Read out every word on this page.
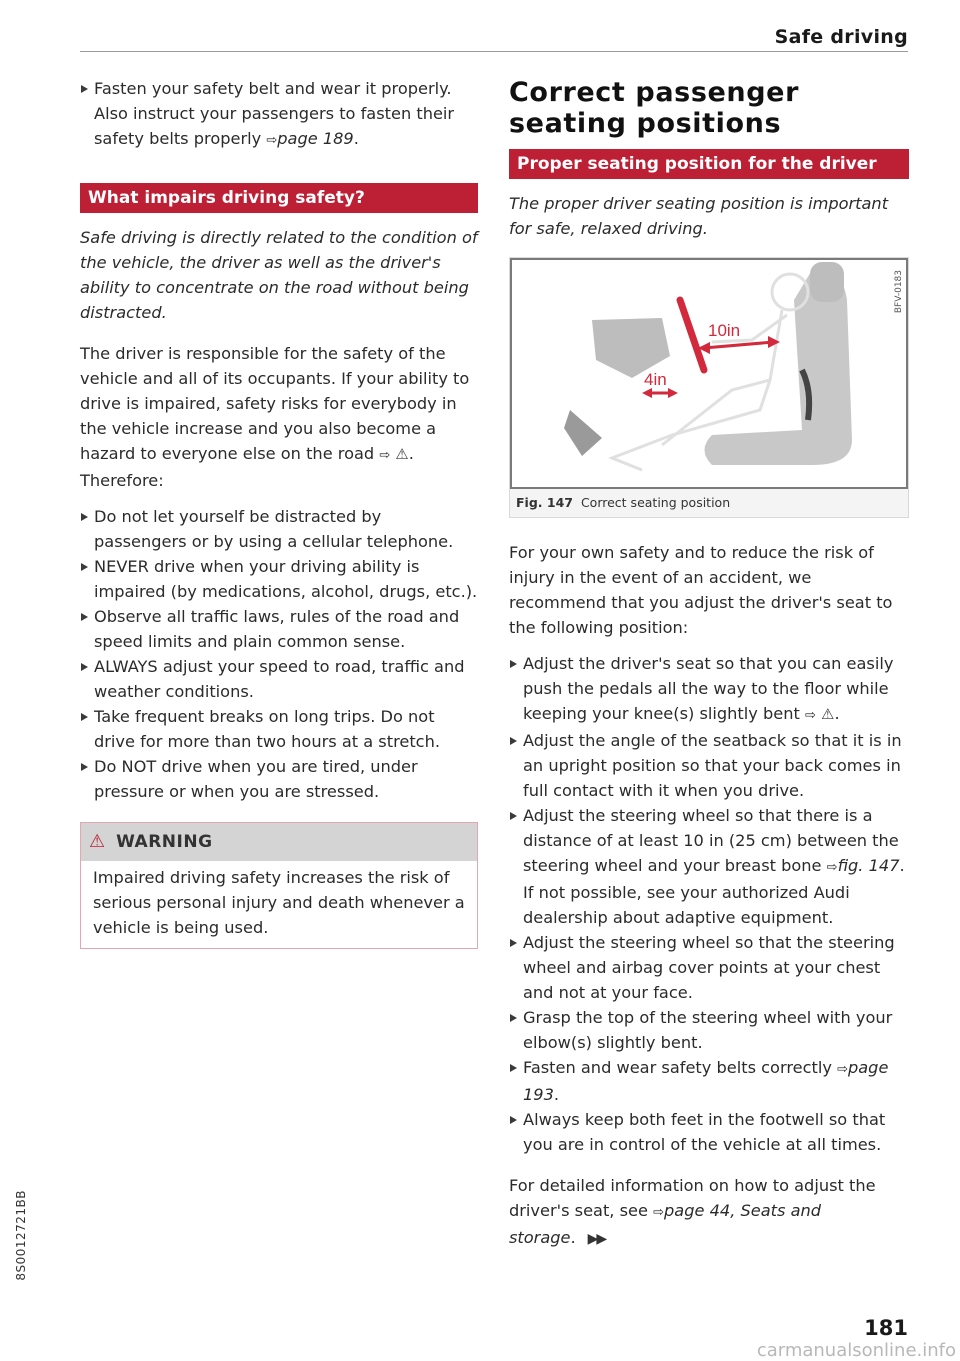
Safe driving
Fasten your safety belt and wear it properly. Also instruct your passengers to fasten their safety belts properly ⇨page 189.
What impairs driving safety?

Safe driving is directly related to the condition of the vehicle, the driver as well as the driver's ability to concentrate on the road without being distracted.

The driver is responsible for the safety of the vehicle and all of its occupants. If your ability to drive is impaired, safety risks for everybody in the vehicle increase and you also become a hazard to everyone else on the road ⇨ ⚠. Therefore:

Do not let yourself be distracted by passengers or by using a cellular telephone.
NEVER drive when your driving ability is impaired (by medications, alcohol, drugs, etc.).
Observe all traffic laws, rules of the road and speed limits and plain common sense.
ALWAYS adjust your speed to road, traffic and weather conditions.
Take frequent breaks on long trips. Do not drive for more than two hours at a stretch.
Do NOT drive when you are tired, under pressure or when you are stressed.
⚠ WARNING
Impaired driving safety increases the risk of serious personal injury and death whenever a vehicle is being used.
Correct passenger seating positions
Proper seating position for the driver

The proper driver seating position is important for safe, relaxed driving.

10in
4in
BFV-0183
Fig. 147 Correct seating position

For your own safety and to reduce the risk of injury in the event of an accident, we recommend that you adjust the driver's seat to the following position:

Adjust the driver's seat so that you can easily push the pedals all the way to the floor while keeping your knee(s) slightly bent ⇨ ⚠.
Adjust the angle of the seatback so that it is in an upright position so that your back comes in full contact with it when you drive.
Adjust the steering wheel so that there is a distance of at least 10 in (25 cm) between the steering wheel and your breast bone ⇨fig. 147. If not possible, see your authorized Audi dealership about adaptive equipment.
Adjust the steering wheel so that the steering wheel and airbag cover points at your chest and not at your face.
Grasp the top of the steering wheel with your elbow(s) slightly bent.
Fasten and wear safety belts correctly ⇨page 193.
Always keep both feet in the footwell so that you are in control of the vehicle at all times.

For detailed information on how to adjust the driver's seat, see ⇨page 44, Seats and storage. ▶▶

8S0012721BB
181
carmanualsonline.info
